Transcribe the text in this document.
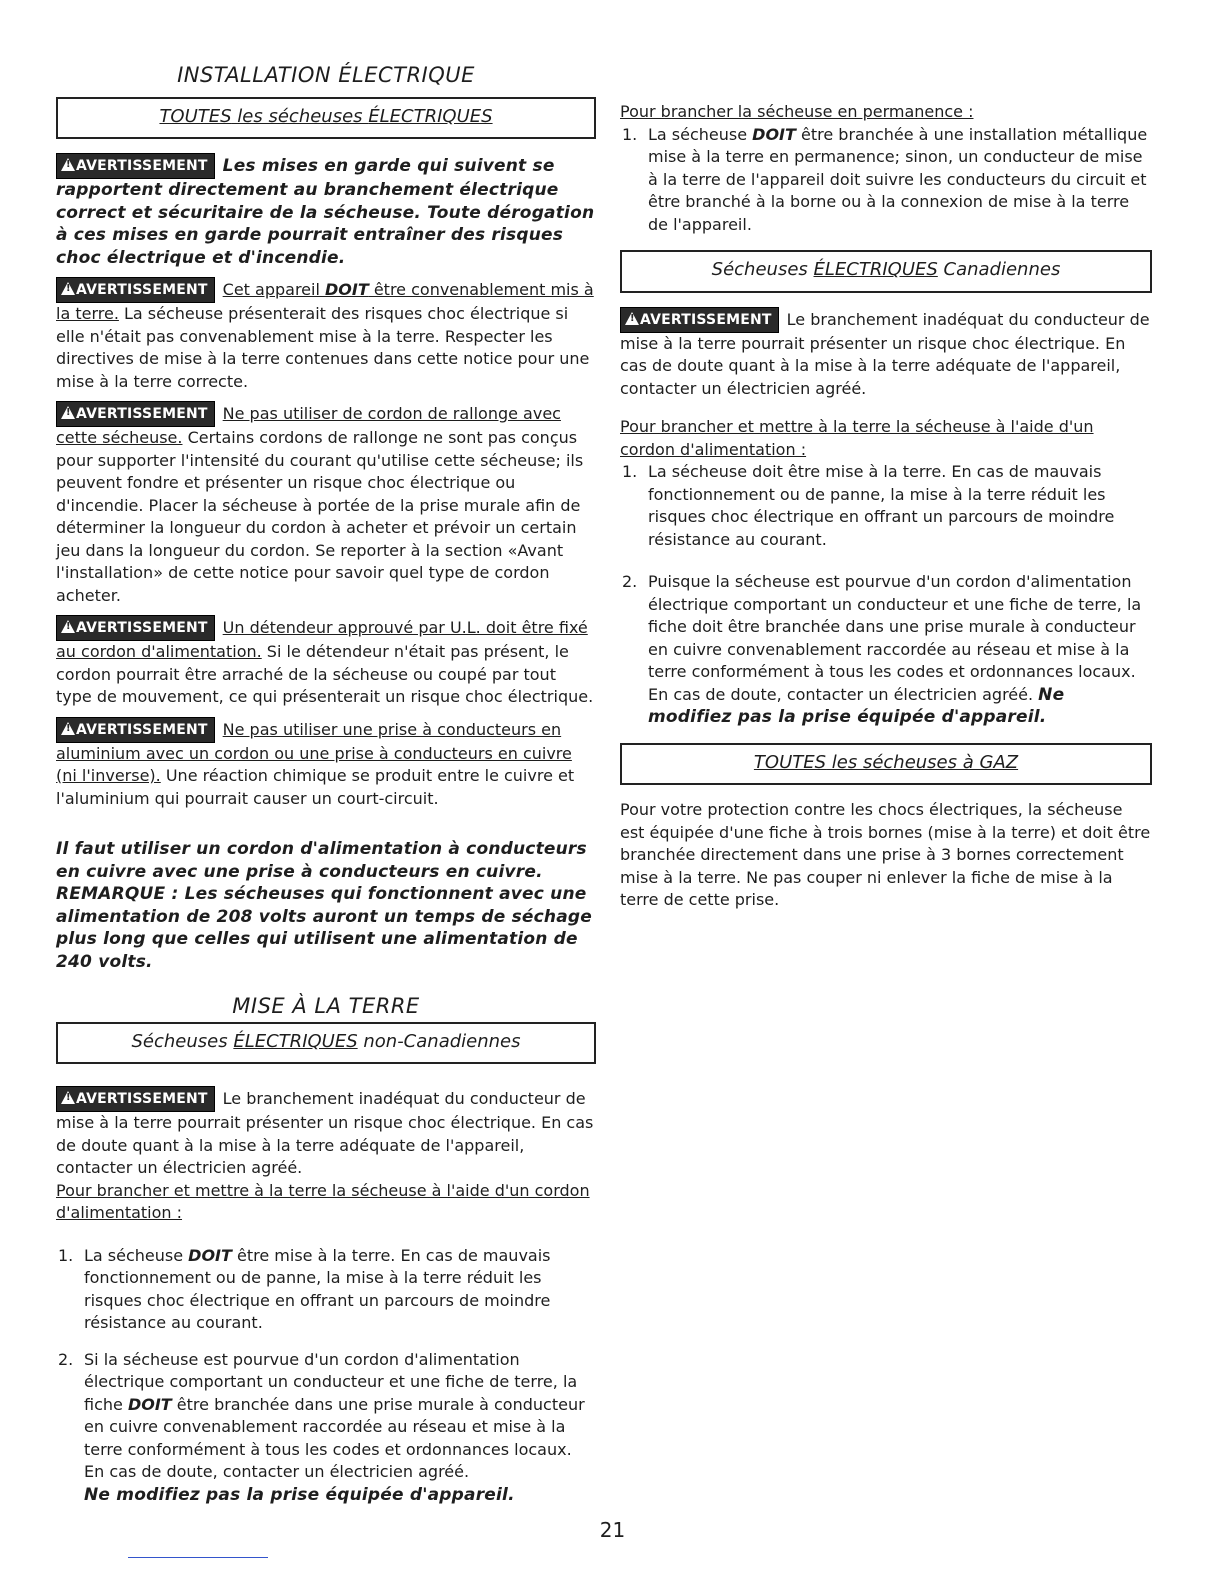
INSTALLATION ÉLECTRIQUE
TOUTES les sécheuses ÉLECTRIQUES

!AVERTISSEMENT Les mises en garde qui suivent se rapportent directement au branchement électrique correct et sécuritaire de la sécheuse. Toute dérogation à ces mises en garde pourrait entraîner des risques choc électrique et d'incendie.

!AVERTISSEMENT Cet appareil DOIT être convenablement mis à la terre. La sécheuse présenterait des risques choc électrique si elle n'était pas convenablement mise à la terre. Respecter les directives de mise à la terre contenues dans cette notice pour une mise à la terre correcte.

!AVERTISSEMENT Ne pas utiliser de cordon de rallonge avec cette sécheuse. Certains cordons de rallonge ne sont pas conçus pour supporter l'intensité du courant qu'utilise cette sécheuse; ils peuvent fondre et présenter un risque choc électrique ou d'incendie. Placer la sécheuse à portée de la prise murale afin de déterminer la longueur du cordon à acheter et prévoir un certain jeu dans la longueur du cordon. Se reporter à la section «Avant l'installation» de cette notice pour savoir quel type de cordon acheter.

!AVERTISSEMENT Un détendeur approuvé par U.L. doit être fixé au cordon d'alimentation. Si le détendeur n'était pas présent, le cordon pourrait être arraché de la sécheuse ou coupé par tout type de mouvement, ce qui présenterait un risque choc électrique.

!AVERTISSEMENT Ne pas utiliser une prise à conducteurs en aluminium avec un cordon ou une prise à conducteurs en cuivre (ni l'inverse). Une réaction chimique se produit entre le cuivre et l'aluminium qui pourrait causer un court-circuit.

Il faut utiliser un cordon d'alimentation à conducteurs en cuivre avec une prise à conducteurs en cuivre.

REMARQUE : Les sécheuses qui fonctionnent avec une alimentation de 208 volts auront un temps de séchage plus long que celles qui utilisent une alimentation de 240 volts.

MISE À LA TERRE
Sécheuses ÉLECTRIQUES non-Canadiennes

!AVERTISSEMENT Le branchement inadéquat du conducteur de mise à la terre pourrait présenter un risque choc électrique. En cas de doute quant à la mise à la terre adéquate de l'appareil, contacter un électricien agréé.

Pour brancher et mettre à la terre la sécheuse à l'aide d'un cordon d'alimentation :

1. La sécheuse DOIT être mise à la terre. En cas de mauvais fonctionnement ou de panne, la mise à la terre réduit les risques choc électrique en offrant un parcours de moindre résistance au courant.
2. Si la sécheuse est pourvue d'un cordon d'alimentation électrique comportant un conducteur et une fiche de terre, la fiche DOIT être branchée dans une prise murale à conducteur en cuivre convenablement raccordée au réseau et mise à la terre conformément à tous les codes et ordonnances locaux. En cas de doute, contacter un électricien agréé.
Ne modifiez pas la prise équipée d'appareil.

Pour brancher la sécheuse en permanence :

1. La sécheuse DOIT être branchée à une installation métallique mise à la terre en permanence; sinon, un conducteur de mise à la terre de l'appareil doit suivre les conducteurs du circuit et être branché à la borne ou à la connexion de mise à la terre de l'appareil.
Sécheuses ÉLECTRIQUES Canadiennes

!AVERTISSEMENT Le branchement inadéquat du conducteur de mise à la terre pourrait présenter un risque choc électrique. En cas de doute quant à la mise à la terre adéquate de l'appareil, contacter un électricien agréé.

Pour brancher et mettre à la terre la sécheuse à l'aide d'un cordon d'alimentation :

1. La sécheuse doit être mise à la terre. En cas de mauvais fonctionnement ou de panne, la mise à la terre réduit les risques choc électrique en offrant un parcours de moindre résistance au courant.
2. Puisque la sécheuse est pourvue d'un cordon d'alimentation électrique comportant un conducteur et une fiche de terre, la fiche doit être branchée dans une prise murale à conducteur en cuivre convenablement raccordée au réseau et mise à la terre conformément à tous les codes et ordonnances locaux. En cas de doute, contacter un électricien agréé. Ne modifiez pas la prise équipée d'appareil.
TOUTES les sécheuses à GAZ

Pour votre protection contre les chocs électriques, la sécheuse est équipée d'une fiche à trois bornes (mise à la terre) et doit être branchée directement dans une prise à 3 bornes correctement mise à la terre. Ne pas couper ni enlever la fiche de mise à la terre de cette prise.

21
